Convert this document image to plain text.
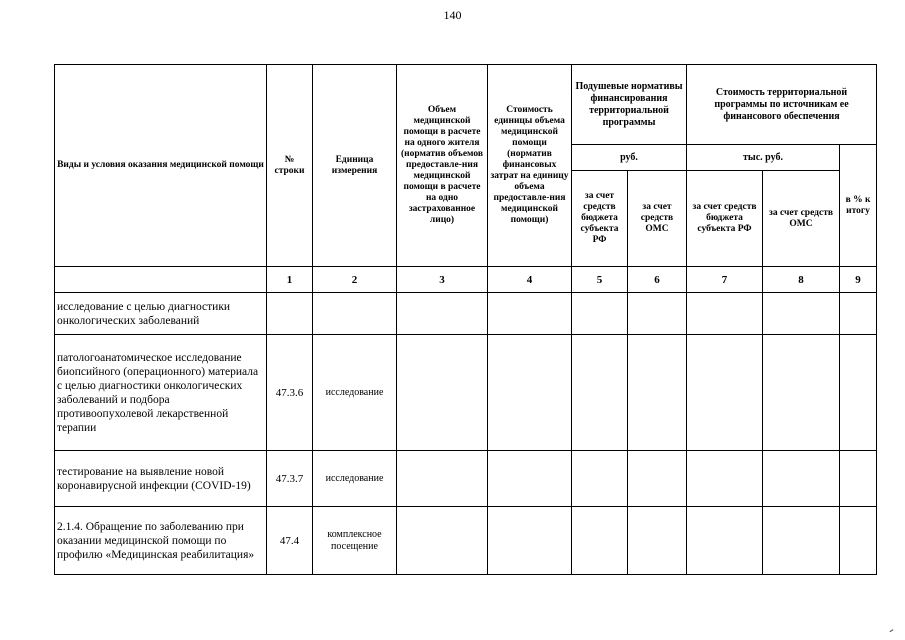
140
Виды и условия оказания медицинской помощи	№ строки	Единица измерения	Объем медицинской помощи в расчете на одного жителя (норматив объемов предоставле-ния медицинской помощи в расчете на одно застрахованное лицо)	Стоимость единицы объема медицинской помощи (норматив финансовых затрат на единицу объема предоставле-ния медицинской помощи)	Подушевые нормативы финансирования территориальной программы		Стоимость территориальной программы по источникам ее финансового обеспечения		
					руб.		тыс. руб.		в % к итогу
					за счет средств бюджета субъекта РФ	за счет средств ОМС	за счет средств бюджета субъекта РФ	за счет средств ОМС	
	1	2	3	4	5	6	7	8	9
исследование с целью диагностики онкологических заболеваний									
патологоанатомическое исследование биопсийного (операционного) материала с целью диагностики онкологических заболеваний и подбора противоопухолевой лекарственной терапии	47.3.6	исследование							
тестирование на выявление новой коронавирусной инфекции (COVID-19)	47.3.7	исследование							
2.1.4. Обращение по заболеванию при оказании медицинской помощи по профилю «Медицинская реабилитация»	47.4	комплексное посещение							
